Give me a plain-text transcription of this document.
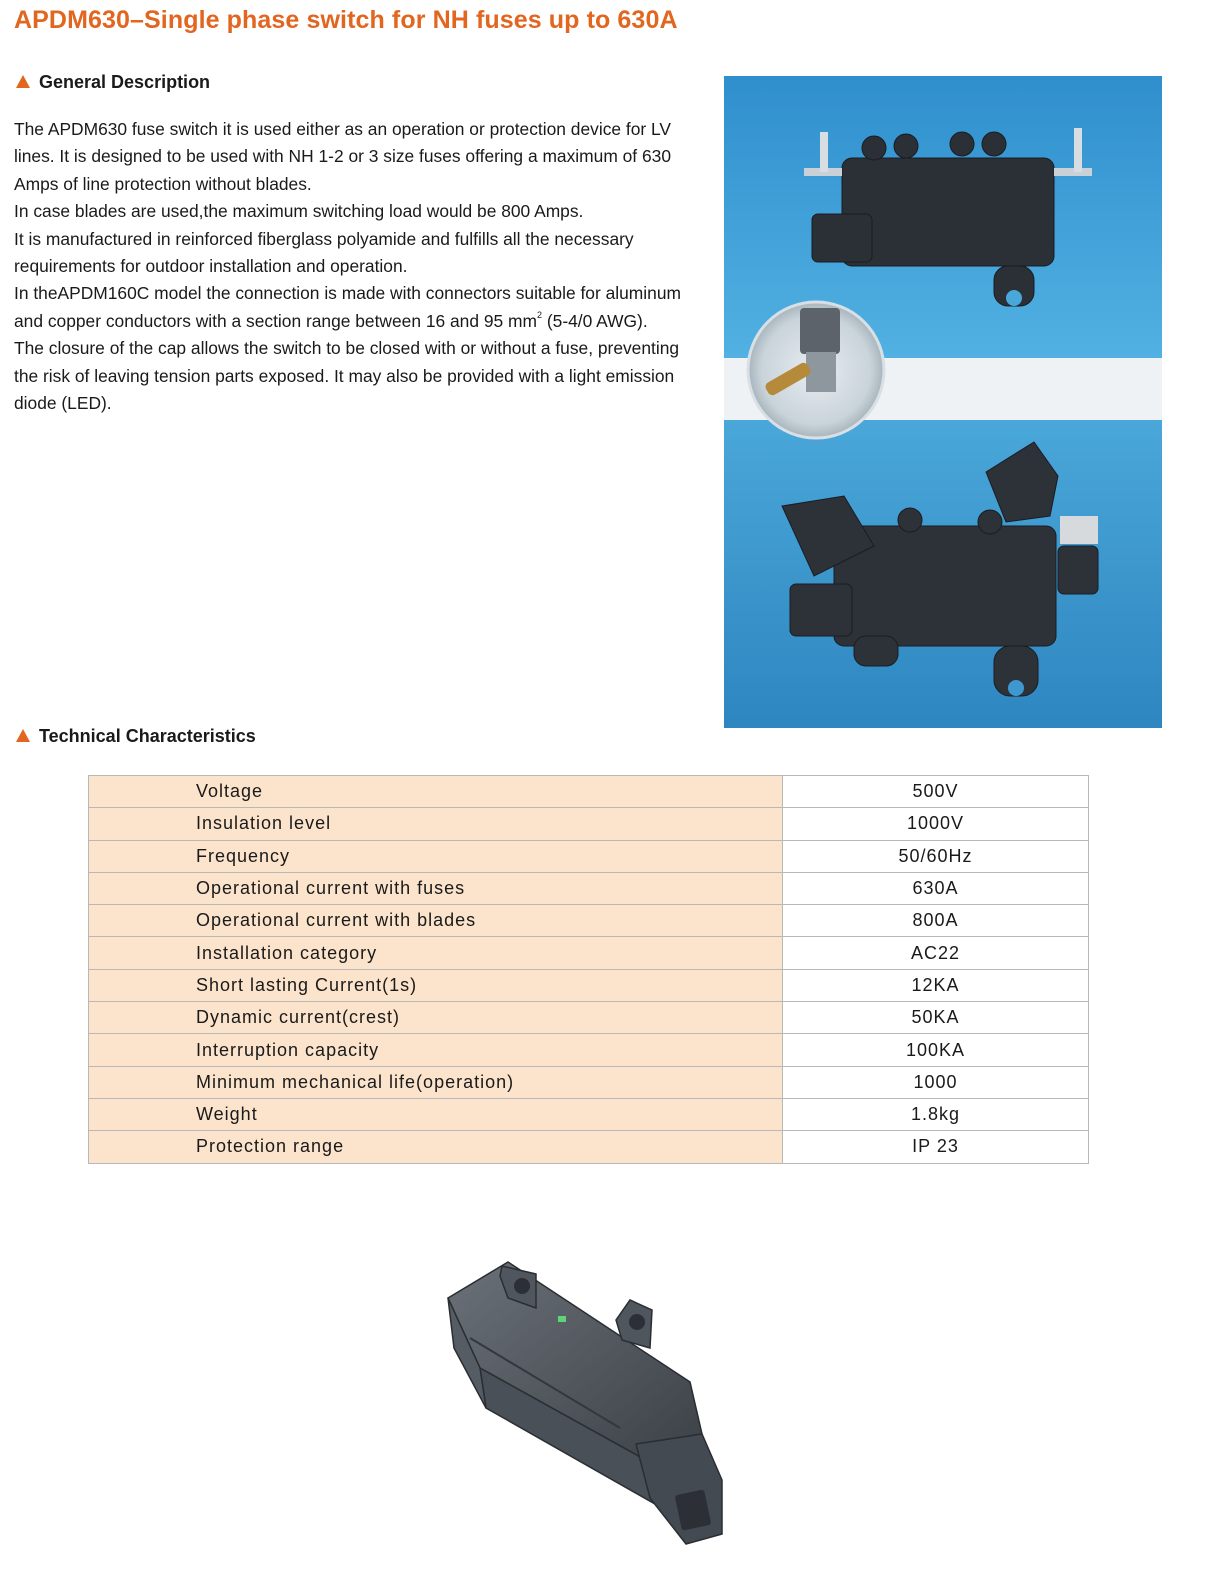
APDM630–Single phase switch for NH fuses up to 630A
General Description

The APDM630 fuse switch it is used either as an operation or protection device for LV lines. It is designed to be used with NH 1-2 or 3 size fuses offering a maximum of 630 Amps of line protection without blades.

In case blades are used,the maximum switching load would be 800 Amps.

It is manufactured in reinforced fiberglass polyamide and fulfills all the necessary requirements for outdoor installation and operation.

In theAPDM160C model the connection is made with connectors suitable for aluminum and copper conductors with a section range between 16 and 95 $mm^2$ (5-4/0 AWG).

The closure of the cap allows the switch to be closed with or without a fuse, preventing the risk of leaving tension parts exposed. It may also be provided with a light emission diode (LED).

Technical Characteristics
Voltage	500V
Insulation level	1000V
Frequency	50/60Hz
Operational current with fuses	630A
Operational current with blades	800A
Installation category	AC22
Short lasting Current(1s)	12KA
Dynamic current(crest)	50KA
Interruption capacity	100KA
Minimum mechanical life(operation)	1000
Weight	1.8kg
Protection range	IP 23
